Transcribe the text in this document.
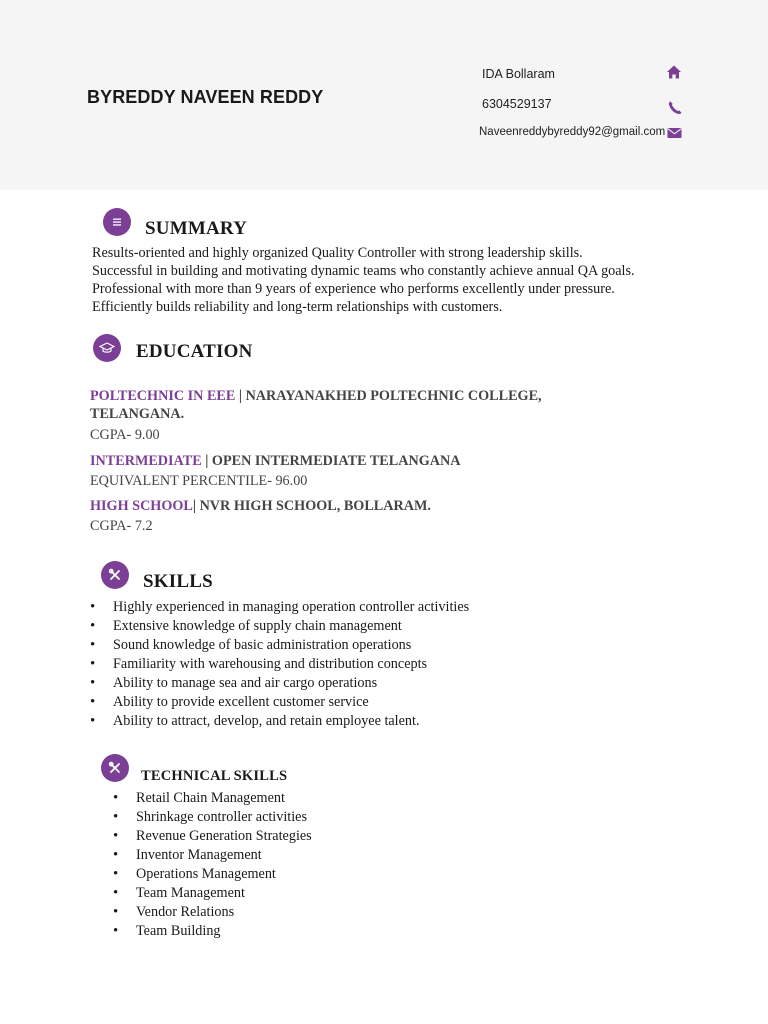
BYREDDY NAVEEN REDDY
IDA Bollaram
6304529137
Naveenreddybyreddy92@gmail.com
SUMMARY
Results-oriented and highly organized Quality Controller with strong leadership skills.
Successful in building and motivating dynamic teams who constantly achieve annual QA goals.
Professional with more than 9 years of experience who performs excellently under pressure.
Efficiently builds reliability and long-term relationships with customers.
EDUCATION
POLTECHNIC IN EEE | NARAYANAKHED POLTECHNIC COLLEGE,
TELANGANA.
CGPA- 9.00
INTERMEDIATE | OPEN INTERMEDIATE TELANGANA
EQUIVALENT PERCENTILE- 96.00
HIGH SCHOOL| NVR HIGH SCHOOL, BOLLARAM.
CGPA- 7.2
SKILLS
• Highly experienced in managing operation controller activities
• Extensive knowledge of supply chain management
• Sound knowledge of basic administration operations
• Familiarity with warehousing and distribution concepts
• Ability to manage sea and air cargo operations
• Ability to provide excellent customer service
• Ability to attract, develop, and retain employee talent.
TECHNICAL SKILLS
• Retail Chain Management
• Shrinkage controller activities
• Revenue Generation Strategies
• Inventor Management
• Operations Management
• Team Management
• Vendor Relations
• Team Building
